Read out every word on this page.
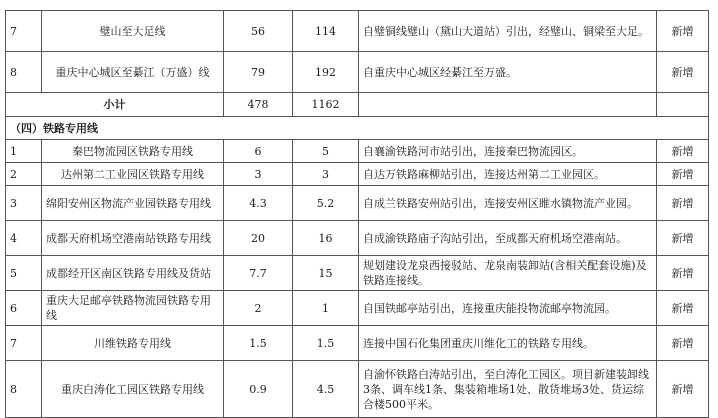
7	璧山至大足线	56	114	自璧铜线璧山（黛山大道站）引出，经璧山、铜梁至大足。	新增
8	重庆中心城区至綦江（万盛）线	79	192	自重庆中心城区经綦江至万盛。	新增
小计		478	1162		
（四）铁路专用线					
1	秦巴物流园区铁路专用线	6	5	自襄渝铁路河市站引出，连接秦巴物流园区。	新增
2	达州第二工业园区铁路专用线	3	3	自达万铁路麻柳站引出，连接达州第二工业园区。	新增
3	绵阳安州区物流产业园铁路专用线	4.3	5.2	自成兰铁路安州站引出，连接安州区睢水镇物流产业园。	新增
4	成都天府机场空港南站铁路专用线	20	16	自成渝铁路庙子沟站引出，至成都天府机场空港南站。	新增
5	成都经开区南区铁路专用线及货站	7.7	15	规划建设龙泉西接驳站、龙泉南装卸站(含相关配套设施)及铁路连接线。	新增
6	重庆大足邮亭铁路物流园铁路专用线	2	1	自国铁邮亭站引出，连接重庆能投物流邮亭物流园。	新增
7	川维铁路专用线	1.5	1.5	连接中国石化集团重庆川维化工的铁路专用线。	新增
8	重庆白涛化工园区铁路专用线	0.9	4.5	自渝怀铁路白涛站引出，至白涛化工园区。项目新建装卸线3条、调车线1条、集装箱堆场1处、散货堆场3处、货运综合楼500平米。	新增
